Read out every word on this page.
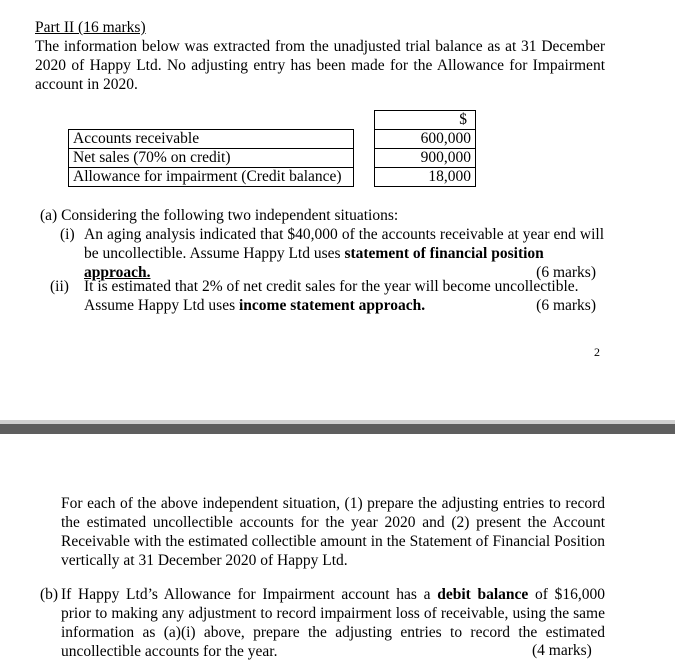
Part II (16 marks)

The information below was extracted from the unadjusted trial balance as at 31 December 2020 of Happy Ltd. No adjusting entry has been made for the Allowance for Impairment account in 2020.

		$
Accounts receivable		600,000
Net sales (70% on credit)		900,000
Allowance for impairment (Credit balance)		18,000
(a) Considering the following two independent situations:
(i) An aging analysis indicated that $40,000 of the accounts receivable at year end will be uncollectible. Assume Happy Ltd uses statement of financial position
approach.	(6 marks)
(ii) It is estimated that 2% of net credit sales for the year will become uncollectible.
Assume Happy Ltd uses income statement approach.	(6 marks)
2

For each of the above independent situation, (1) prepare the adjusting entries to record the estimated uncollectible accounts for the year 2020 and (2) present the Account Receivable with the estimated collectible amount in the Statement of Financial Position vertically at 31 December 2020 of Happy Ltd.

(b) If Happy Ltd’s Allowance for Impairment account has a debit balance of $16,000 prior to making any adjustment to record impairment loss of receivable, using the same information as (a)(i) above, prepare the adjusting entries to record the estimated uncollectible accounts for the year.	(4 marks)
